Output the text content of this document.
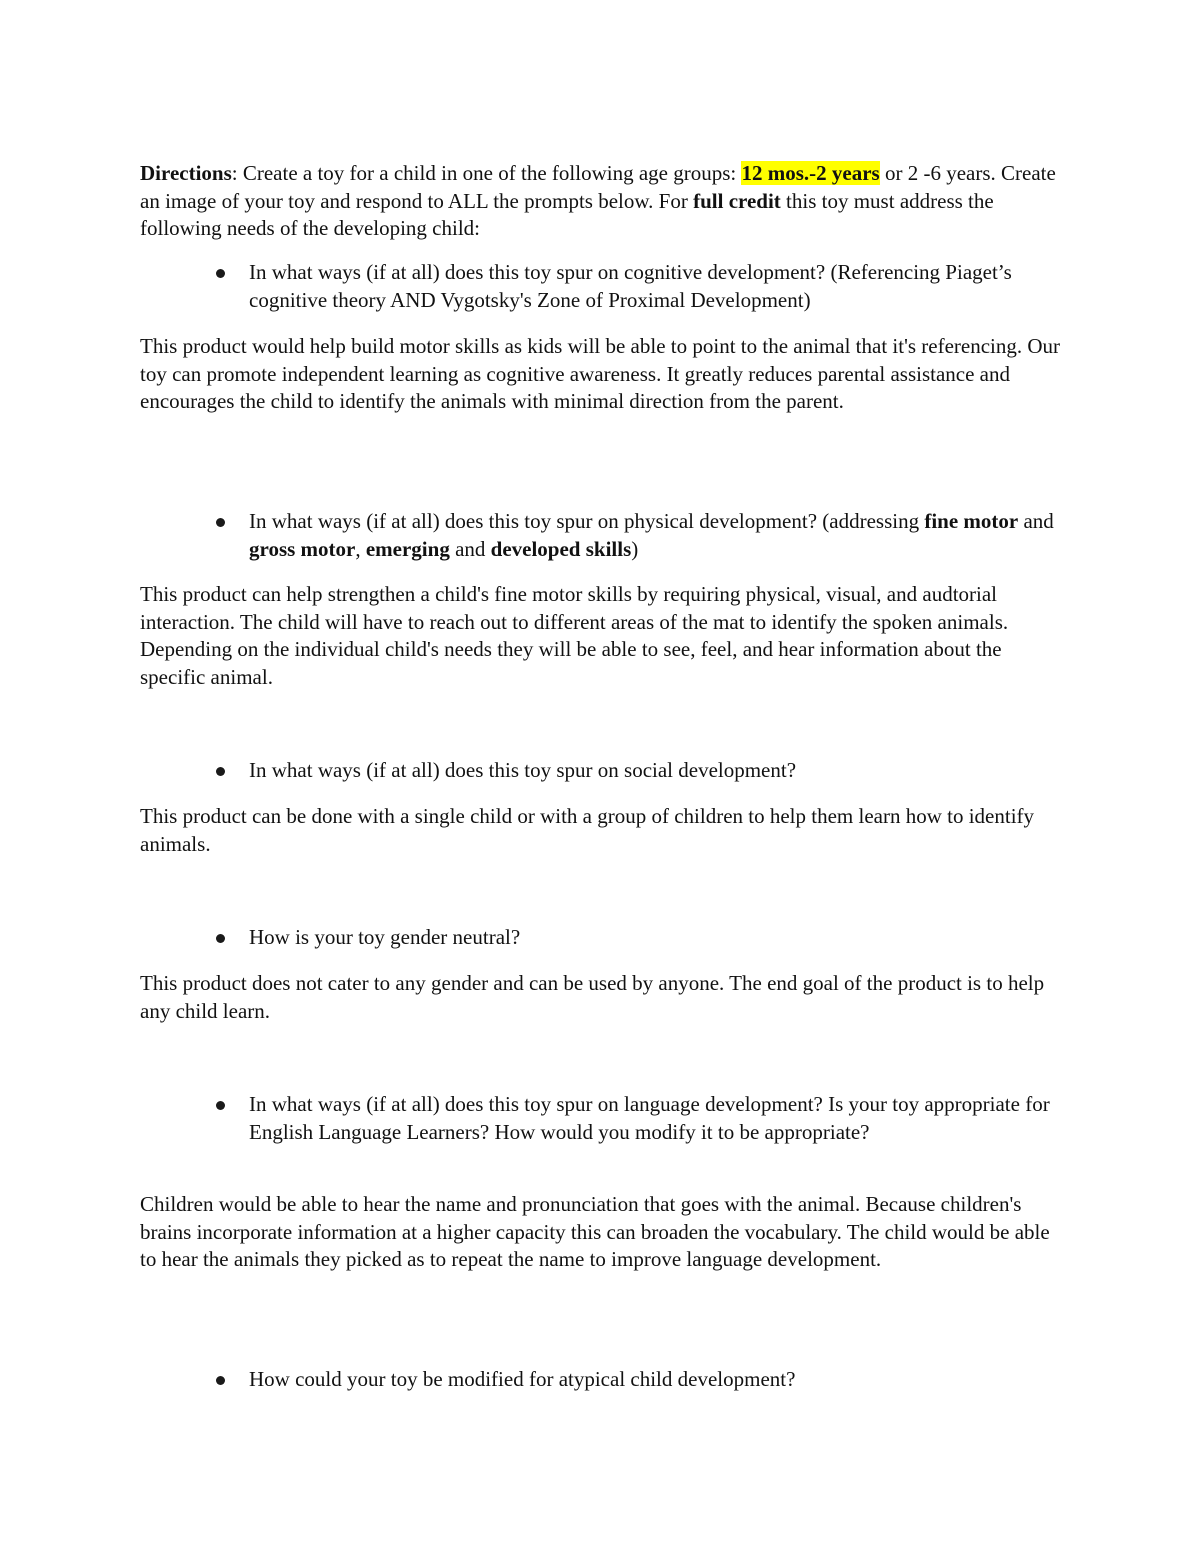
Directions: Create a toy for a child in one of the following age groups: 12 mos.-2 years or 2 -6 years. Create an image of your toy and respond to ALL the prompts below. For full credit this toy must address the following needs of the developing child:

In what ways (if at all) does this toy spur on cognitive development? (Referencing Piaget’s cognitive theory AND Vygotsky's Zone of Proximal Development)

This product would help build motor skills as kids will be able to point to the animal that it's referencing. Our toy can promote independent learning as cognitive awareness. It greatly reduces parental assistance and encourages the child to identify the animals with minimal direction from the parent.

In what ways (if at all) does this toy spur on physical development? (addressing fine motor and gross motor, emerging and developed skills)

This product can help strengthen a child's fine motor skills by requiring physical, visual, and audtorial interaction. The child will have to reach out to different areas of the mat to identify the spoken animals. Depending on the individual child's needs they will be able to see, feel, and hear information about the specific animal.

In what ways (if at all) does this toy spur on social development?

This product can be done with a single child or with a group of children to help them learn how to identify animals.

How is your toy gender neutral?

This product does not cater to any gender and can be used by anyone. The end goal of the product is to help any child learn.

In what ways (if at all) does this toy spur on language development? Is your toy appropriate for English Language Learners? How would you modify it to be appropriate?

Children would be able to hear the name and pronunciation that goes with the animal. Because children's brains incorporate information at a higher capacity this can broaden the vocabulary. The child would be able to hear the animals they picked as to repeat the name to improve language development.

How could your toy be modified for atypical child development?
